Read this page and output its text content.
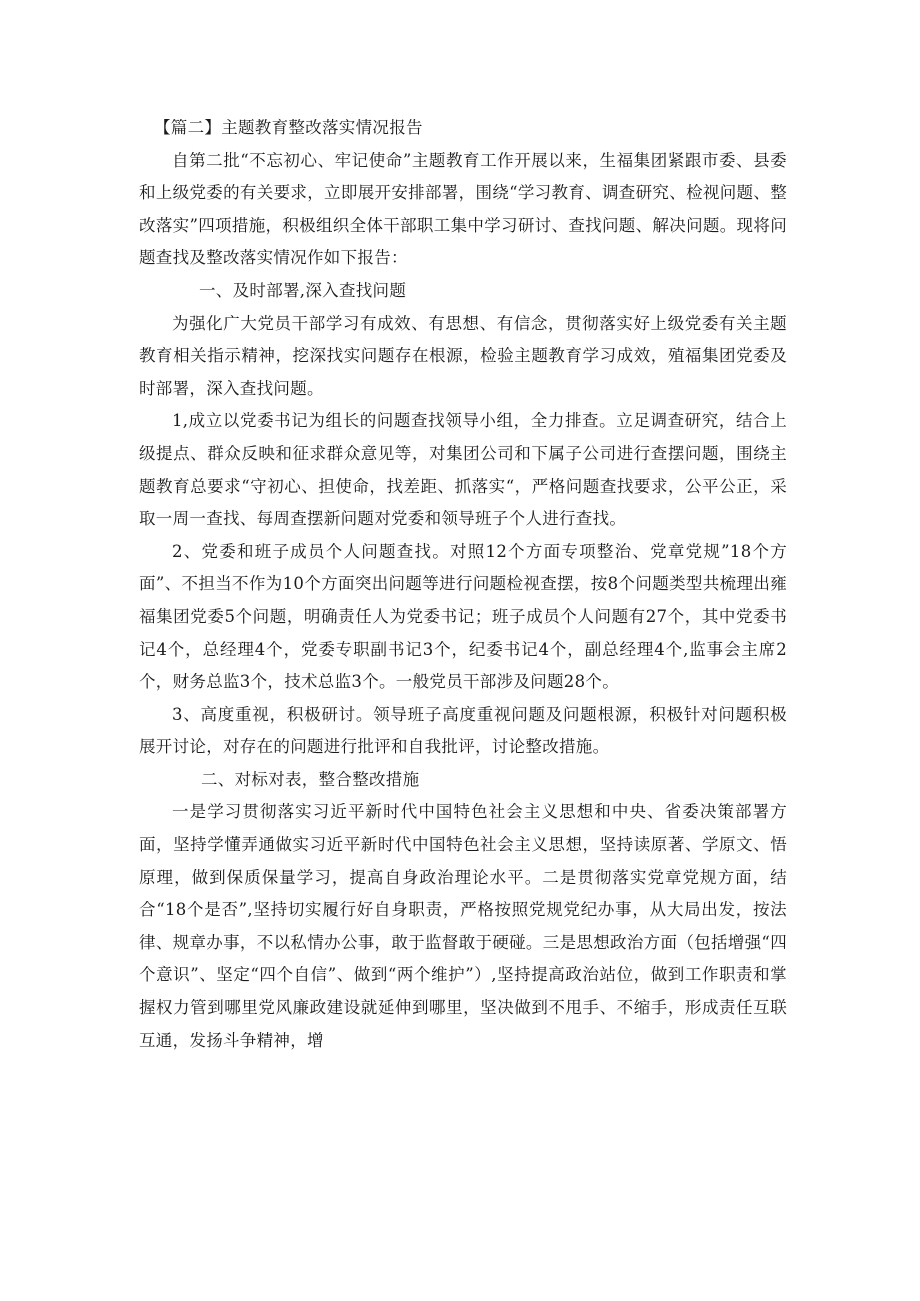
【篇二】主题教育整改落实情况报告

自第二批“不忘初心、牢记使命”主题教育工作开展以来，生福集团紧跟市委、县委和上级党委的有关要求，立即展开安排部署，围绕“学习教育、调查研究、检视问题、整改落实”四项措施，积极组织全体干部职工集中学习研讨、查找问题、解决问题。现将问题查找及整改落实情况作如下报告：

一、及时部署,深入查找问题

为强化广大党员干部学习有成效、有思想、有信念，贯彻落实好上级党委有关主题教育相关指示精神，挖深找实问题存在根源，检验主题教育学习成效，殖福集团党委及时部署，深入查找问题。

1,成立以党委书记为组长的问题查找领导小组，全力排查。立足调查研究，结合上级提点、群众反映和征求群众意见等，对集团公司和下属子公司进行查摆问题，围绕主题教育总要求“守初心、担使命，找差距、抓落实“，严格问题查找要求，公平公正，采取一周一查找、每周查摆新问题对党委和领导班子个人进行查找。

2、党委和班子成员个人问题查找。对照12个方面专项整治、党章党规”18个方面”、不担当不作为10个方面突出问题等进行问题检视查摆，按8个问题类型共梳理出雍福集团党委5个问题，明确责任人为党委书记；班子成员个人问题有27个，其中党委书记4个，总经理4个，党委专职副书记3个，纪委书记4个，副总经理4个,监事会主席2个，财务总监3个，技术总监3个。一般党员干部涉及问题28个。

3、高度重视，积极研讨。领导班子高度重视问题及问题根源，积极针对问题积极展开讨论，对存在的问题进行批评和自我批评，讨论整改措施。

二、对标对表，整合整改措施

一是学习贯彻落实习近平新时代中国特色社会主义思想和中央、省委决策部署方面，坚持学懂弄通做实习近平新时代中国特色社会主义思想，坚持读原著、学原文、悟原理，做到保质保量学习，提高自身政治理论水平。二是贯彻落实党章党规方面，结合“18个是否”,坚持切实履行好自身职责，严格按照党规党纪办事，从大局出发，按法律、规章办事，不以私情办公事，敢于监督敢于硬碰。三是思想政治方面（包括增强“四个意识”、坚定“四个自信”、做到“两个维护”）,坚持提高政治站位，做到工作职责和掌握权力管到哪里党风廉政建设就延伸到哪里，坚决做到不甩手、不缩手，形成责任互联互通，发扬斗争精神，增
